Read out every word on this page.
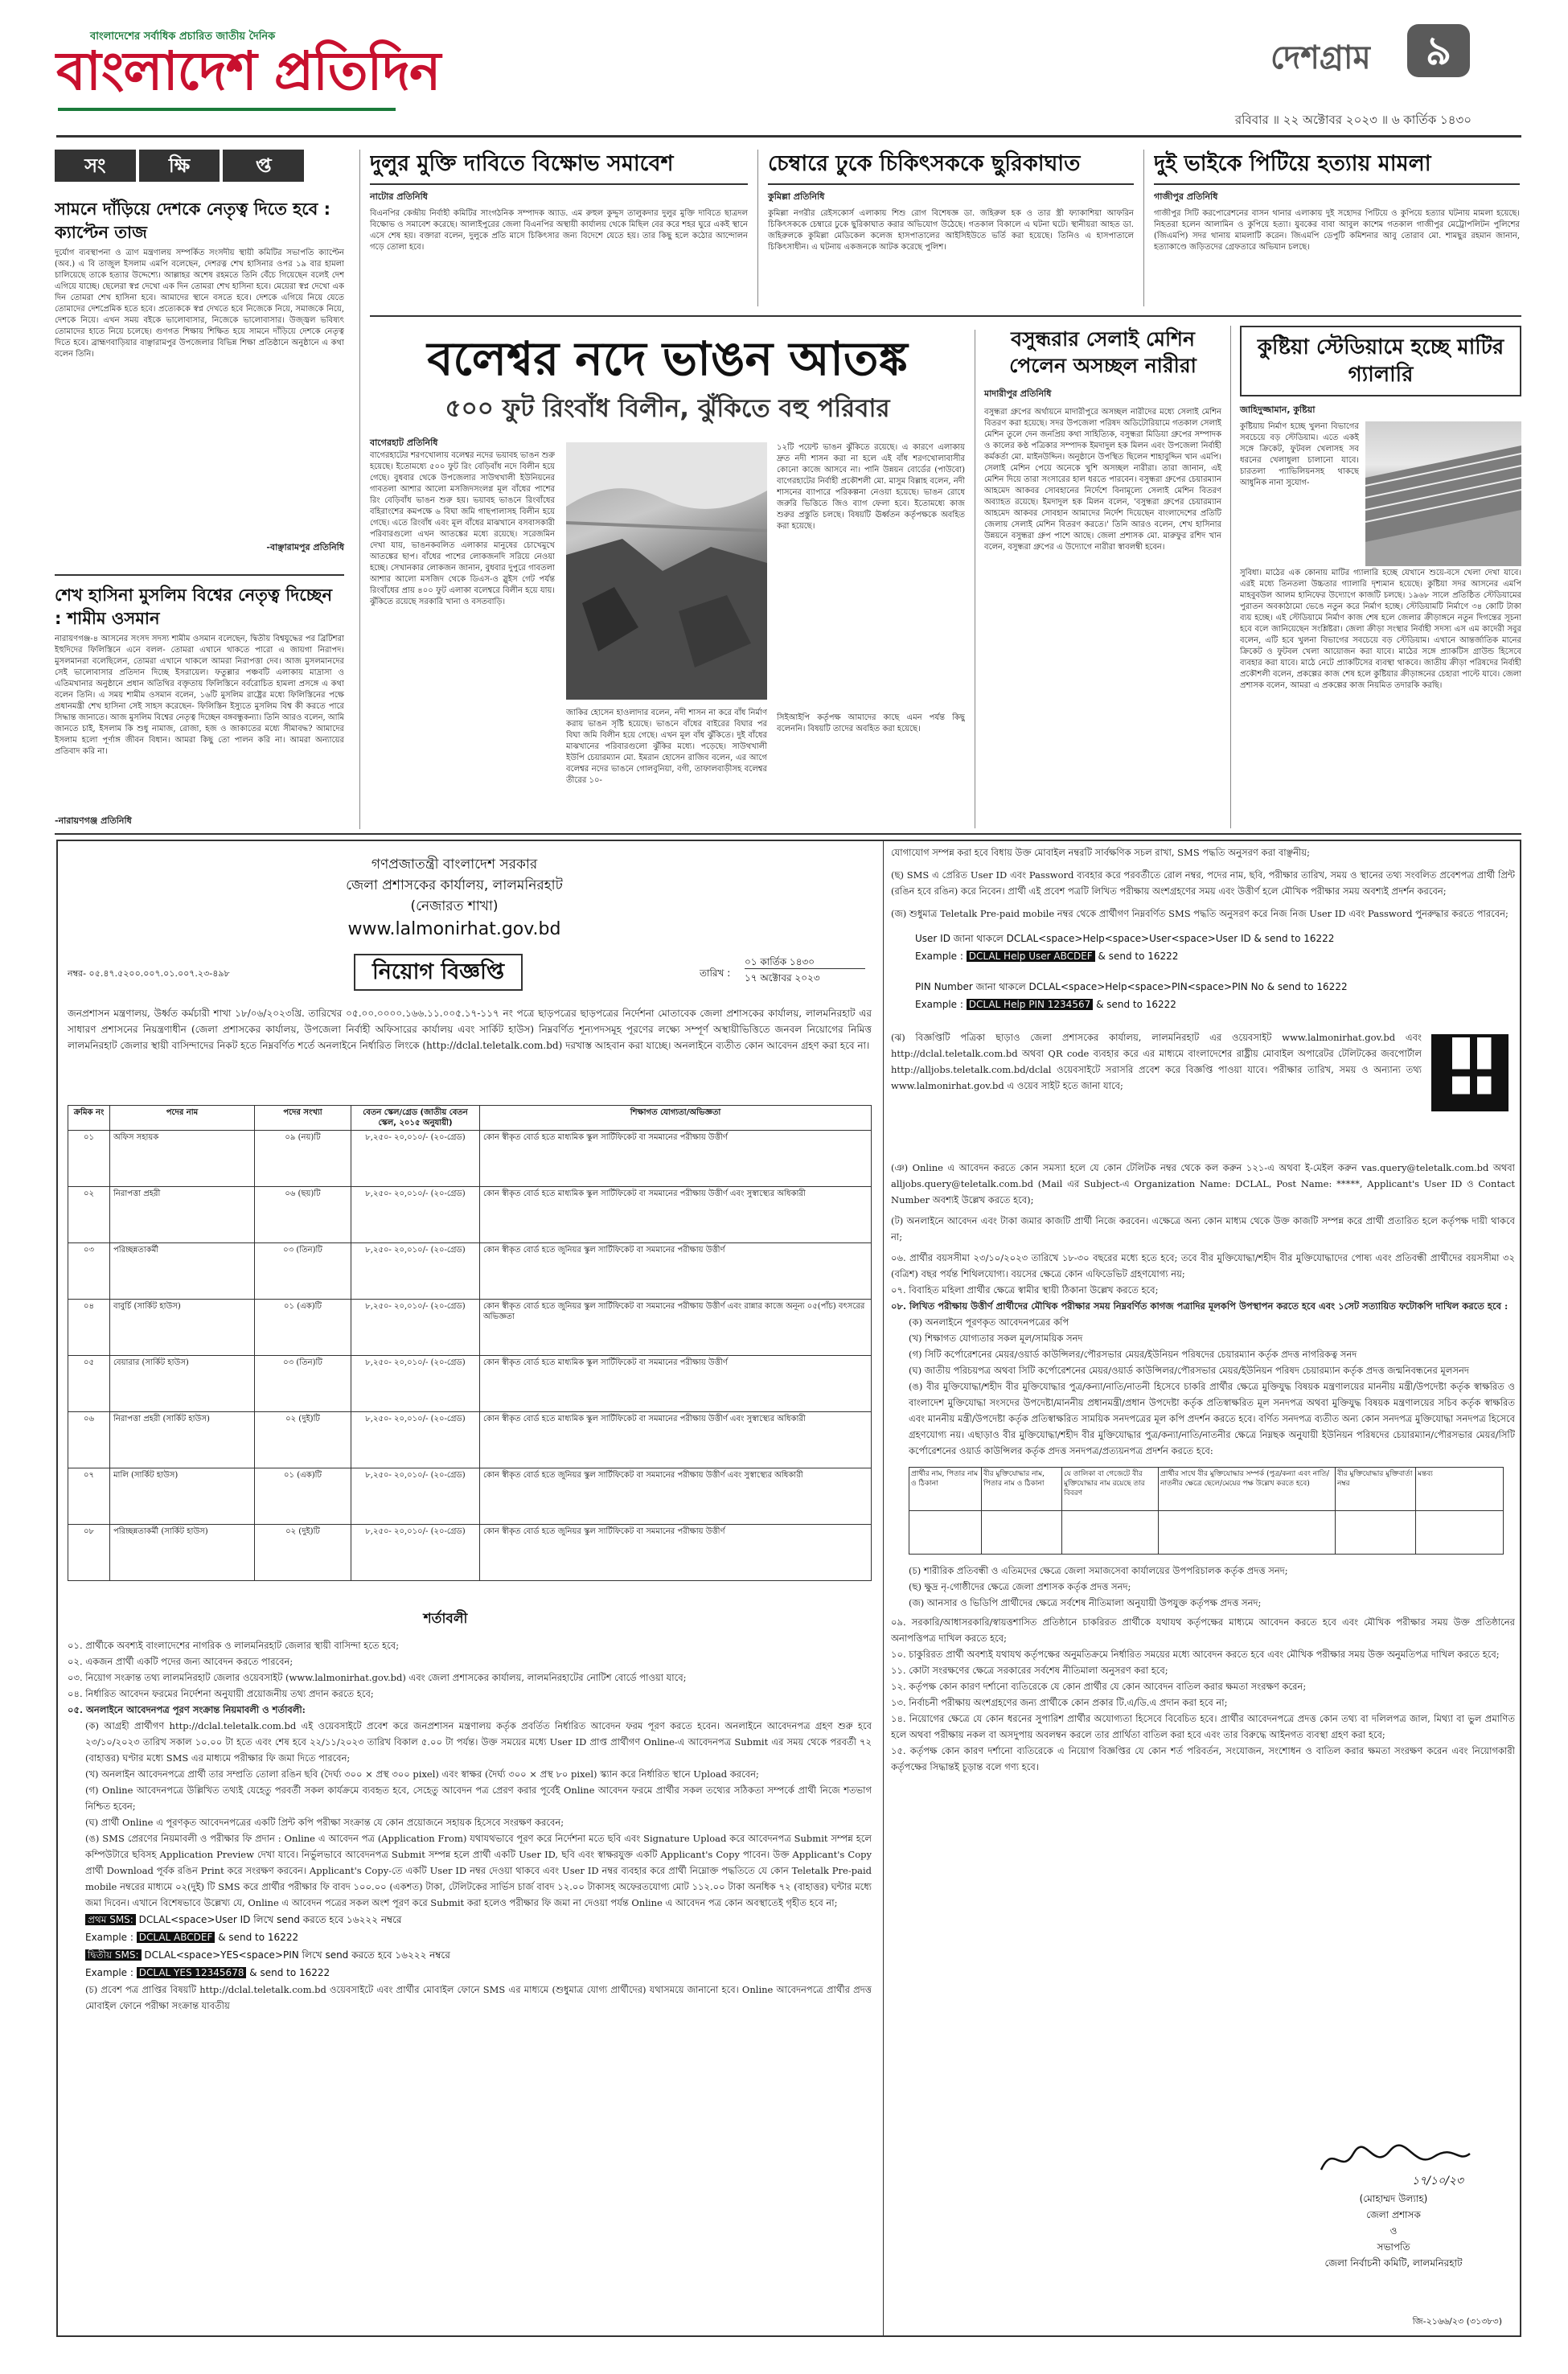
বাংলাদেশের সর্বাধিক প্রচারিত জাতীয় দৈনিক
বাংলাদেশ প্রতিদিন	দেশগ্রাম	৯
রবিবার ॥ ২২ অক্টোবর ২০২৩ ॥ ৬ কার্তিক ১৪৩০
সং	ক্ষি	প্ত
সামনে দাঁড়িয়ে দেশকে নেতৃত্ব দিতে হবে : ক্যাপ্টেন তাজ
দুর্যোগ ব্যবস্থাপনা ও ত্রাণ মন্ত্রণালয় সম্পর্কিত সংসদীয় স্থায়ী কমিটির সভাপতি ক্যাপ্টেন (অব.) এ বি তাজুল ইসলাম এমপি বলেছেন, দেশরত্ন শেখ হাসিনার ওপর ১৯ বার হামলা চালিয়েছে তাকে হত্যার উদ্দেশ্যে। আল্লাহর অশেষ রহমতে তিনি বেঁচে গিয়েছেন বলেই দেশ এগিয়ে যাচ্ছে। ছেলেরা স্বপ্ন দেখো এক দিন তোমরা শেখ হাসিনা হবে। মেয়েরা স্বপ্ন দেখো এক দিন তোমরা শেখ হাসিনা হবে। আমাদের স্থানে বসতে হবে। দেশকে এগিয়ে নিয়ে যেতে তোমাদের দেশপ্রেমিক হতে হবে। প্রত্যেককে স্বপ্ন দেখতে হবে নিজেকে নিয়ে, সমাজকে নিয়ে, দেশকে নিয়ে। এখন সময় বইকে ভালোবাসার, নিজেকে ভালোবাসার। উজ্জ্বল ভবিষ্যৎ তোমাদের হাতে নিয়ে চলেছে। গুণগত শিক্ষায় শিক্ষিত হয়ে সামনে দাঁড়িয়ে দেশকে নেতৃত্ব দিতে হবে। ব্রাহ্মণবাড়িয়ার বাঞ্ছারামপুর উপজেলার বিভিন্ন শিক্ষা প্রতিষ্ঠানে অনুষ্ঠানে এ কথা বলেন তিনি।
-বাঞ্ছারামপুর প্রতিনিধি
শেখ হাসিনা মুসলিম বিশ্বের নেতৃত্ব দিচ্ছেন : শামীম ওসমান
নারায়ণগঞ্জ-৪ আসনের সংসদ সদস্য শামীম ওসমান বলেছেন, দ্বিতীয় বিশ্বযুদ্ধের পর ব্রিটিশরা ইহুদিদের ফিলিস্তিনে এনে বলল- তোমরা এখানে থাকতে পারো এ জায়গা নিরাপদ। মুসলমানরা বলেছিলেন, তোমরা এখানে থাকলে আমরা নিরাপত্তা দেব। আজ মুসলমানদের সেই ভালোবাসার প্রতিদান দিচ্ছে ইসরায়েল। ফতুল্লার পঞ্চবটি এলাকায় মাদ্রাসা ও এতিমখানার অনুষ্ঠানে প্রধান অতিথির বক্তৃতায় ফিলিস্তিনে বর্বরোচিত হামলা প্রসঙ্গে এ কথা বলেন তিনি। এ সময় শামীম ওসমান বলেন, ১৬টি মুসলিম রাষ্ট্রের মধ্যে ফিলিস্তিনের পক্ষে প্রধানমন্ত্রী শেখ হাসিনা সেই সাহস করেছেন- ফিলিস্তিন ইস্যুতে মুসলিম বিশ্ব কী করতে পারে সিদ্ধান্ত জানাতে। আজ মুসলিম বিশ্বের নেতৃত্ব দিচ্ছেন বঙ্গবন্ধুকন্যা। তিনি আরও বলেন, আমি জানতে চাই, ইসলাম কি শুধু নামাজ, রোজা, হজ ও জাকাতের মধ্যে সীমাবদ্ধ? আমাদের ইসলাম হলো পূর্ণাঙ্গ জীবন বিধান। আমরা কিছু তো পালন করি না। আমরা অন্যায়ের প্রতিবাদ করি না।
-নারায়ণগঞ্জ প্রতিনিধি
দুলুর মুক্তি দাবিতে বিক্ষোভ সমাবেশ
নাটোর প্রতিনিধি
বিএনপির কেন্দ্রীয় নির্বাহী কমিটির সাংগঠনিক সম্পাদক অ্যাড. এম রুহুল কুদ্দুস তালুকদার দুলুর মুক্তি দাবিতে ছাত্রদল বিক্ষোভ ও সমাবেশ করেছে। আলাইপুরের জেলা বিএনপির অস্থায়ী কার্যালয় থেকে মিছিল বের করে শহর ঘুরে একই স্থানে এসে শেষ হয়। বক্তারা বলেন, দুলুকে প্রতি মাসে চিকিৎসার জন্য বিদেশে যেতে হয়। তার কিছু হলে কঠোর আন্দোলন গড়ে তোলা হবে।
চেম্বারে ঢুকে চিকিৎসককে ছুরিকাঘাত
কুমিল্লা প্রতিনিধি
কুমিল্লা নগরীর রেইসকোর্স এলাকায় শিশু রোগ বিশেষজ্ঞ ডা. জহিরুল হক ও তার স্ত্রী ফ্যাকাশিয়া আফরিন চিকিৎসককে চেম্বারে ঢুকে ছুরিকাঘাত করার অভিযোগ উঠেছে। গতকাল বিকালে এ ঘটনা ঘটে। স্থানীয়রা আহত ডা. জহিরুলকে কুমিল্লা মেডিকেল কলেজ হাসপাতালের আইসিইউতে ভর্তি করা হয়েছে। তিনিও এ হাসপাতালে চিকিৎসাধীন। এ ঘটনায় একজনকে আটক করেছে পুলিশ।
দুই ভাইকে পিটিয়ে হত্যায় মামলা
গাজীপুর প্রতিনিধি
গাজীপুর সিটি করপোরেশনের বাসন থানার এলাকায় দুই সহোদর পিটিয়ে ও কুপিয়ে হত্যার ঘটনায় মামলা হয়েছে। নিহতরা হলেন আলামিন ও কুপিয়ে হত্যা। যুবকের বাবা আবুল কাশেম গতকাল গাজীপুর মেট্রোপলিটন পুলিশের (জিএমপি) সদর থানায় মামলাটি করেন। জিএমপি ডেপুটি কমিশনার আবু তোরাব মো. শামছুর রহমান জানান, হত্যাকাণ্ডে জড়িতদের গ্রেফতারে অভিযান চলছে।
বলেশ্বর নদে ভাঙন আতঙ্ক
৫০০ ফুট রিংবাঁধ বিলীন, ঝুঁকিতে বহু পরিবার
বাগেরহাট প্রতিনিধি
বাগেরহাটের শরণখোলায় বলেশ্বর নদের ভয়াবহ ভাঙন শুরু হয়েছে। ইতোমধ্যে ৫০০ ফুট রিং বেড়িবাঁধ নদে বিলীন হয়ে গেছে। বুধবার থেকে উপজেলার সাউথখালী ইউনিয়নের গাবতলা আশার আলো মসজিদসংলগ্ন মূল বাঁধের পাশের রিং বেড়িবাঁধ ভাঙন শুরু হয়। ভয়াবহ ভাঙনে রিংবাঁধের বহিরাংশের কমপক্ষে ৬ বিঘা জমি গাছপালাসহ বিলীন হয়ে গেছে। এতে রিংবাঁধ এবং মূল বাঁধের মাঝখানে বসবাসকারী পরিবারগুলো এখন আতঙ্কের মধ্যে রয়েছে। সরেজমিন দেখা যায়, ভাঙনকবলিত এলাকার মানুষের চোখেমুখে আতঙ্কের ছাপ। বাঁধের পাশের লোকজনদি সরিয়ে নেওয়া হচ্ছে। সেখানকার লোকজন জানান, বুধবার দুপুরে গাবতলা আশার আলো মসজিদ থেকে ডিএস-ও স্লুইস গেট পর্যন্ত রিংবাঁধের প্রায় ৪০০ ফুট এলাকা বলেশ্বরে বিলীন হয়ে যায়। ঝুঁকিতে রয়েছে সরকারি খানা ও বসতবাড়ি।
জাকির হোসেন হাওলাদার বলেন, নদী শাসন না করে বাঁধ নির্মাণ করায় ভাঙন সৃষ্টি হয়েছে। ভাঙনে বাঁধের বাইরের বিঘার পর বিঘা জমি বিলীন হয়ে গেছে। এখন মূল বাঁধ ঝুঁকিতে। দুই বাঁধের মাঝখানের পরিবারগুলো ঝুঁকির মধ্যে। পড়েছে। সাউথখালী ইউপি চেয়ারম্যান মো. ইমরান হোসেন রাজিব বলেন, এর আগে বলেশ্বর নদের ভাঙনে গোলবুনিয়া, বগী, তাফালবাড়ীসহ বলেশ্বর তীরের ১০-
১২টি পয়েন্ট ভাঙন ঝুঁকিতে রয়েছে। এ কারণে এলাকায় দ্রুত নদী শাসন করা না হলে এই বাঁধ শরণখোলাবাসীর কোনো কাজে আসবে না। পানি উন্নয়ন বোর্ডের (পাউবো) বাগেরহাটের নির্বাহী প্রকৌশলী মো. মাসুম বিল্লাহ বলেন, নদী শাসনের ব্যাপারে পরিকল্পনা নেওয়া হয়েছে। ভাঙন রোধে জরুরি ভিত্তিতে জিও ব্যাগ ফেলা হবে। ইতোমধ্যে কাজ শুরুর প্রস্তুতি চলছে। বিষয়টি ঊর্ধ্বতন কর্তৃপক্ষকে অবহিত করা হয়েছে।
সিইআইপি কর্তৃপক্ষ আমাদের কাছে এমন পর্যন্ত কিছু বলেননি। বিষয়টি তাদের অবহিত করা হয়েছে।
বসুন্ধরার সেলাই মেশিন পেলেন অসচ্ছল নারীরা
মাদারীপুর প্রতিনিধি
বসুন্ধরা গ্রুপের অর্থায়নে মাদারীপুরে অসচ্ছল নারীদের মধ্যে সেলাই মেশিন বিতরণ করা হয়েছে। সদর উপজেলা পরিষদ অডিটোরিয়ামে গতকাল সেলাই মেশিন তুলে দেন জনপ্রিয় কথা সাহিত্যিক, বসুন্ধরা মিডিয়া গ্রুপের সম্পাদক ও কালের কণ্ঠ পত্রিকার সম্পাদক ইমদাদুল হক মিলন এবং উপজেলা নির্বাহী কর্মকর্তা মো. মাইনউদ্দিন। অনুষ্ঠানে উপস্থিত ছিলেন শাহাবুদ্দিন খান এমপি। সেলাই মেশিন পেয়ে অনেকে খুশি অসচ্ছল নারীরা। তারা জানান, এই মেশিন দিয়ে তারা সংসারের হাল ধরতে পারবেন। বসুন্ধরা গ্রুপের চেয়ারম্যান আহমেদ আকবর সোবহানের নির্দেশে বিনামূল্যে সেলাই মেশিন বিতরণ অব্যাহত রয়েছে। ইমদাদুল হক মিলন বলেন, 'বসুন্ধরা গ্রুপের চেয়ারম্যান আহমেদ আকবর সোবহান আমাদের নির্দেশ দিয়েছেন বাংলাদেশের প্রতিটি জেলায় সেলাই মেশিন বিতরণ করতে।' তিনি আরও বলেন, শেখ হাসিনার উন্নয়নে বসুন্ধরা গ্রুপ পাশে আছে। জেলা প্রশাসক মো. মারুফুর রশিদ খান বলেন, বসুন্ধরা গ্রুপের এ উদ্যোগে নারীরা স্বাবলম্বী হবেন।
কুষ্টিয়া স্টেডিয়ামে হচ্ছে মাটির গ্যালারি
জাহিদুজ্জামান, কুষ্টিয়া
কুষ্টিয়ায় নির্মাণ হচ্ছে খুলনা বিভাগের সবচেয়ে বড় স্টেডিয়াম। এতে একই সঙ্গে ক্রিকেট, ফুটবল খেলাসহ সব ধরনের খেলাধুলা চালানো যাবে। চারতলা প্যাভিলিয়নসহ থাকছে আধুনিক নানা সুযোগ-
সুবিধা। মাঠের এক কোনায় মাটির গ্যালারি হচ্ছে যেখানে শুয়ে-বসে খেলা দেখা যাবে। এরই মধ্যে তিনতলা উচ্চতার গ্যালারি দৃশ্যমান হয়েছে। কুষ্টিয়া সদর আসনের এমপি মাহবুবউল আলম হানিফের উদ্যোগে কাজটি চলছে। ১৯৬৮ সালে প্রতিষ্ঠিত স্টেডিয়ামের পুরাতন অবকাঠামো ভেঙে নতুন করে নির্মাণ হচ্ছে। স্টেডিয়ামটি নির্মাণে ৩৪ কোটি টাকা ব্যয় হচ্ছে। এই স্টেডিয়ামে নির্মাণ কাজ শেষ হলে জেলার ক্রীড়াঙ্গনে নতুন দিগন্তের সূচনা হবে বলে জানিয়েছেন সংশ্লিষ্টরা। জেলা ক্রীড়া সংস্থার নির্বাহী সদস্য এস এম কাদেরী সবুর বলেন, এটি হবে খুলনা বিভাগের সবচেয়ে বড় স্টেডিয়াম। এখানে আন্তর্জাতিক মানের ক্রিকেট ও ফুটবল খেলা আয়োজন করা যাবে। মাঠের সঙ্গে প্র্যাকটিস গ্রাউন্ড হিসেবে ব্যবহার করা যাবে। মাঠে নেটে প্র্যাকটিসের ব্যবস্থা থাকবে। জাতীয় ক্রীড়া পরিষদের নির্বাহী প্রকৌশলী বলেন, প্রকল্পের কাজ শেষ হলে কুষ্টিয়ার ক্রীড়াঙ্গনের চেহারা পাল্টে যাবে। জেলা প্রশাসক বলেন, আমরা এ প্রকল্পের কাজ নিয়মিত তদারকি করছি।
গণপ্রজাতন্ত্রী বাংলাদেশ সরকার
জেলা প্রশাসকের কার্যালয়, লালমনিরহাট
(নেজারত শাখা)
www.lalmonirhat.gov.bd
নম্বর- ০৫.৪৭.৫২০০.০০৭.০১.০০৭.২৩-৪৯৮	তারিখ :
০১ কার্তিক ১৪৩০
১৭ অক্টোবর ২০২৩
নিয়োগ বিজ্ঞপ্তি
জনপ্রশাসন মন্ত্রণালয়, উর্ধ্বত কর্মচারী শাখা ১৮/০৬/২০২৩খ্রি. তারিখের ০৫.০০.০০০০.১৬৬.১১.০০৫.১৭-১১৭ নং পত্রে ছাড়পত্রের ছাড়পত্রের নির্দেশনা মোতাবেক জেলা প্রশাসকের কার্যালয়, লালমনিরহাট এর সাধারণ প্রশাসনের নিয়ন্ত্রণাধীন (জেলা প্রশাসকের কার্যালয়, উপজেলা নির্বাহী অফিসারের কার্যালয় এবং সার্কিট হাউস) নিম্নবর্ণিত শূন্যপদসমূহ পূরণের লক্ষ্যে সম্পূর্ণ অস্থায়ীভিত্তিতে জনবল নিয়োগের নিমিত্ত লালমনিরহাট জেলার স্থায়ী বাসিন্দাদের নিকট হতে নিম্নবর্ণিত শর্তে অনলাইনে নির্ধারিত লিংকে (http://dclal.teletalk.com.bd) দরখাস্ত আহবান করা যাচ্ছে। অনলাইনে ব্যতীত কোন আবেদন গ্রহণ করা হবে না।
ক্রমিক নং	পদের নাম	পদের সংখ্যা	বেতন স্কেল/গ্রেড (জাতীয় বেতন স্কেল, ২০১৫ অনুযায়ী)	শিক্ষাগত যোগ্যতা/অভিজ্ঞতা
০১	অফিস সহায়ক	০৯ (নয়)টি	৮,২৫০- ২০,০১০/- (২০-গ্রেড)	কোন স্বীকৃত বোর্ড হতে মাধ্যমিক স্কুল সার্টিফিকেট বা সমমানের পরীক্ষায় উত্তীর্ণ
০২	নিরাপত্তা প্রহরী	০৬ (ছয়)টি	৮,২৫০- ২০,০১০/- (২০-গ্রেড)	কোন স্বীকৃত বোর্ড হতে মাধ্যমিক স্কুল সার্টিফিকেট বা সমমানের পরীক্ষায় উত্তীর্ণ এবং সুস্বাস্থ্যের অধিকারী
০৩	পরিচ্ছন্নতাকর্মী	০৩ (তিন)টি	৮,২৫০- ২০,০১০/- (২০-গ্রেড)	কোন স্বীকৃত বোর্ড হতে জুনিয়র স্কুল সার্টিফিকেট বা সমমানের পরীক্ষায় উত্তীর্ণ
০৪	বাবুর্চি (সার্কিট হাউস)	০১ (এক)টি	৮,২৫০- ২০,০১০/- (২০-গ্রেড)	কোন স্বীকৃত বোর্ড হতে জুনিয়র স্কুল সার্টিফিকেট বা সমমানের পরীক্ষায় উত্তীর্ণ এবং রান্নার কাজে অনূন্য ০৫(পাঁচ) বৎসরের অভিজ্ঞতা
০৫	বেয়ারার (সার্কিট হাউস)	০৩ (তিন)টি	৮,২৫০- ২০,০১০/- (২০-গ্রেড)	কোন স্বীকৃত বোর্ড হতে মাধ্যমিক স্কুল সার্টিফিকেট বা সমমানের পরীক্ষায় উত্তীর্ণ
০৬	নিরাপত্তা প্রহরী (সার্কিট হাউস)	০২ (দুই)টি	৮,২৫০- ২০,০১০/- (২০-গ্রেড)	কোন স্বীকৃত বোর্ড হতে মাধ্যমিক স্কুল সার্টিফিকেট বা সমমানের পরীক্ষায় উত্তীর্ণ এবং সুস্বাস্থ্যের অধিকারী
০৭	মালি (সার্কিট হাউস)	০১ (এক)টি	৮,২৫০- ২০,০১০/- (২০-গ্রেড)	কোন স্বীকৃত বোর্ড হতে জুনিয়র স্কুল সার্টিফিকেট বা সমমানের পরীক্ষায় উত্তীর্ণ এবং সুস্বাস্থ্যের অধিকারী
০৮	পরিচ্ছন্নতাকর্মী (সার্কিট হাউস)	০২ (দুই)টি	৮,২৫০- ২০,০১০/- (২০-গ্রেড)	কোন স্বীকৃত বোর্ড হতে জুনিয়র স্কুল সার্টিফিকেট বা সমমানের পরীক্ষায় উত্তীর্ণ
শর্তাবলী
০১. প্রার্থীকে অবশ্যই বাংলাদেশের নাগরিক ও লালমনিরহাট জেলার স্থায়ী বাসিন্দা হতে হবে;
০২. একজন প্রার্থী একটি পদের জন্য আবেদন করতে পারবেন;
০৩. নিয়োগ সংক্রান্ত তথ্য লালমনিরহাট জেলার ওয়েবসাইট (www.lalmonirhat.gov.bd) এবং জেলা প্রশাসকের কার্যালয়, লালমনিরহাটের নোটিশ বোর্ডে পাওয়া যাবে;
০৪. নির্ধারিত আবেদন ফরমের নির্দেশনা অনুযায়ী প্রয়োজনীয় তথ্য প্রদান করতে হবে;
০৫. অনলাইনে আবেদনপত্র পূরণ সংক্রান্ত নিয়মাবলী ও শর্তাবলী:
(ক) আগ্রহী প্রার্থীগণ http://dclal.teletalk.com.bd এই ওয়েবসাইটে প্রবেশ করে জনপ্রশাসন মন্ত্রণালয় কর্তৃক প্রবর্তিত নির্ধারিত আবেদন ফরম পূরণ করতে হবেন। অনলাইনে আবেদনপত্র গ্রহণ শুরু হবে ২৩/১০/২০২৩ তারিখ সকাল ১০.০০ টা হতে এবং শেষ হবে ২২/১১/২০২৩ তারিখ বিকাল ৫.০০ টা পর্যন্ত। উক্ত সময়ের মধ্যে User ID প্রাপ্ত প্রার্থীগণ Online-এ আবেদনপত্র Submit এর সময় থেকে পরবর্তী ৭২ (বাহাত্তর) ঘণ্টার মধ্যে SMS এর মাধ্যমে পরীক্ষার ফি জমা দিতে পারবেন;
(খ) অনলাইন আবেদনপত্রে প্রার্থী তার সম্প্রতি তোলা রঙিন ছবি (দৈর্ঘ্য ৩০০ × প্রস্থ ৩০০ pixel) এবং স্বাক্ষর (দৈর্ঘ্য ৩০০ × প্রস্থ ৮০ pixel) স্ক্যান করে নির্ধারিত স্থানে Upload করবেন;
(গ) Online আবেদনপত্রে উল্লিখিত তথ্যই যেহেতু পরবর্তী সকল কার্যক্রমে ব্যবহৃত হবে, সেহেতু আবেদন পত্র প্রেরণ করার পূর্বেই Online আবেদন ফরমে প্রার্থীর সকল তথ্যের সঠিকতা সম্পর্কে প্রার্থী নিজে শতভাগ নিশ্চিত হবেন;
(ঘ) প্রার্থী Online এ পূরণকৃত আবেদনপত্রের একটি প্রিন্ট কপি পরীক্ষা সংক্রান্ত যে কোন প্রয়োজনে সহায়ক হিসেবে সংরক্ষণ করবেন;
(ঙ) SMS প্রেরণের নিয়মাবলী ও পরীক্ষার ফি প্রদান : Online এ আবেদন পত্র (Application From) যথাযথভাবে পূরণ করে নির্দেশনা মতে ছবি এবং Signature Upload করে আবেদনপত্র Submit সম্পন্ন হলে কম্পিউটারে ছবিসহ Application Preview দেখা যাবে। নির্ভুলভাবে আবেদনপত্র Submit সম্পন্ন হলে প্রার্থী একটি User ID, ছবি এবং স্বাক্ষরযুক্ত একটি Applicant's Copy পাবেন। উক্ত Applicant's Copy প্রার্থী Download পূর্বক রঙিন Print করে সংরক্ষণ করবেন। Applicant's Copy-তে একটি User ID নম্বর দেওয়া থাকবে এবং User ID নম্বর ব্যবহার করে প্রার্থী নিম্নোক্ত পদ্ধতিতে যে কোন Teletalk Pre-paid mobile নম্বরের মাধ্যমে ০২(দুই) টি SMS করে প্রার্থীর পরীক্ষার ফি বাবদ ১০০.০০ (একশত) টাকা, টেলিটকের সার্ভিস চার্জ বাবদ ১২.০০ টাকাসহ অফেরতযোগ্য মোট ১১২.০০ টাকা অনধিক ৭২ (বাহাত্তর) ঘন্টার মধ্যে জমা দিবেন। এখানে বিশেষভাবে উল্লেখ্য যে, Online এ আবেদন পত্রের সকল অংশ পূরণ করে Submit করা হলেও পরীক্ষার ফি জমা না দেওয়া পর্যন্ত Online এ আবেদন পত্র কোন অবস্থাতেই গৃহীত হবে না;
প্রথম SMS: DCLAL<space>User ID লিখে send করতে হবে ১৬২২২ নম্বরে
Example : DCLAL ABCDEF & send to 16222
দ্বিতীয় SMS: DCLAL<space>YES<space>PIN লিখে send করতে হবে ১৬২২২ নম্বরে
Example : DCLAL YES 12345678 & send to 16222
(চ) প্রবেশ পত্র প্রাপ্তির বিষয়টি http://dclal.teletalk.com.bd ওয়েবসাইটে এবং প্রার্থীর মোবাইল ফোনে SMS এর মাধ্যমে (শুধুমাত্র যোগ্য প্রার্থীদের) যথাসময়ে জানানো হবে। Online আবেদনপত্রে প্রার্থীর প্রদত্ত মোবাইল ফোনে পরীক্ষা সংক্রান্ত যাবতীয়
যোগাযোগ সম্পন্ন করা হবে বিধায় উক্ত মোবাইল নম্বরটি সার্বক্ষণিক সচল রাখা, SMS পদ্ধতি অনুসরণ করা বাঞ্ছনীয়;
(ছ) SMS এ প্রেরিত User ID এবং Password ব্যবহার করে পরবর্তীতে রোল নম্বর, পদের নাম, ছবি, পরীক্ষার তারিখ, সময় ও স্থানের তথ্য সংবলিত প্রবেশপত্র প্রার্থী প্রিন্ট (রঙিন হবে রঙিন) করে নিবেন। প্রার্থী এই প্রবেশ পত্রটি লিখিত পরীক্ষায় অংশগ্রহণের সময় এবং উত্তীর্ণ হলে মৌখিক পরীক্ষার সময় অবশ্যই প্রদর্শন করবেন;
(জ) শুধুমাত্র Teletalk Pre-paid mobile নম্বর থেকে প্রার্থীগণ নিম্নবর্ণিত SMS পদ্ধতি অনুসরণ করে নিজ নিজ User ID এবং Password পুনরুদ্ধার করতে পারবেন;
User ID জানা থাকলে DCLAL<space>Help<space>User<space>User ID & send to 16222
Example : DCLAL Help User ABCDEF & send to 16222
PIN Number জানা থাকলে DCLAL<space>Help<space>PIN<space>PIN No & send to 16222
Example : DCLAL Help PIN 1234567 & send to 16222
(ঝ) বিজ্ঞপ্তিটি পত্রিকা ছাড়াও জেলা প্রশাসকের কার্যালয়, লালমনিরহাট এর ওয়েবসাইট www.lalmonirhat.gov.bd এবং http://dclal.teletalk.com.bd অথবা QR code ব্যবহার করে এর মাধ্যমে বাংলাদেশের রাষ্ট্রীয় মোবাইল অপারেটর টেলিটকের জবপোর্টাল http://alljobs.teletalk.com.bd/dclal ওয়েবসাইটে সরাসরি প্রবেশ করে বিজ্ঞপ্তি পাওয়া যাবে। পরীক্ষার তারিখ, সময় ও অন্যান্য তথ্য www.lalmonirhat.gov.bd এ ওয়েব সাইট হতে জানা যাবে;
(ঞ) Online এ আবেদন করতে কোন সমস্যা হলে যে কোন টেলিটক নম্বর থেকে কল করুন ১২১-এ অথবা ই-মেইল করুন vas.query@teletalk.com.bd অথবা alljobs.query@teletalk.com.bd (Mail এর Subject-এ Organization Name: DCLAL, Post Name: *****, Applicant's User ID ও Contact Number অবশ্যই উল্লেখ করতে হবে);
(ট) অনলাইনে আবেদন এবং টাকা জমার কাজটি প্রার্থী নিজে করবেন। এক্ষেত্রে অন্য কোন মাধ্যম থেকে উক্ত কাজটি সম্পন্ন করে প্রার্থী প্রতারিত হলে কর্তৃপক্ষ দায়ী থাকবে না;
০৬. প্রার্থীর বয়সসীমা ২৩/১০/২০২৩ তারিখে ১৮-৩০ বছরের মধ্যে হতে হবে; তবে বীর মুক্তিযোদ্ধা/শহীদ বীর মুক্তিযোদ্ধাদের পোষ্য এবং প্রতিবন্ধী প্রার্থীদের বয়সসীমা ৩২ (বত্রিশ) বছর পর্যন্ত শিথিলযোগ্য। বয়সের ক্ষেত্রে কোন এফিডেভিট গ্রহণযোগ্য নয়;
০৭. বিবাহিত মহিলা প্রার্থীর ক্ষেত্রে স্বামীর স্থায়ী ঠিকানা উল্লেখ করতে হবে;
০৮. লিখিত পরীক্ষায় উত্তীর্ণ প্রার্থীদের মৌখিক পরীক্ষার সময় নিম্নবর্ণিত কাগজ পত্রাদির মূলকপি উপস্থাপন করতে হবে এবং ১সেট সত্যায়িত ফটোকপি দাখিল করতে হবে :
(ক) অনলাইনে পূরণকৃত আবেদনপত্রের কপি
(খ) শিক্ষাগত যোগ্যতার সকল মূল/সাময়িক সনদ
(গ) সিটি কর্পোরেশনের মেয়র/ওয়ার্ড কাউন্সিলর/পৌরসভার মেয়র/ইউনিয়ন পরিষদের চেয়ারম্যান কর্তৃক প্রদত্ত নাগরিকত্ব সনদ
(ঘ) জাতীয় পরিচয়পত্র অথবা সিটি কর্পোরেশনের মেয়র/ওয়ার্ড কাউন্সিলর/পৌরসভার মেয়র/ইউনিয়ন পরিষদ চেয়ারম্যান কর্তৃক প্রদত্ত জন্মনিবন্ধনের মূলসনদ
(ঙ) বীর মুক্তিযোদ্ধা/শহীদ বীর মুক্তিযোদ্ধার পুত্র/কন্যা/নাতি/নাতনী হিসেবে চাকরি প্রার্থীর ক্ষেত্রে মুক্তিযুদ্ধ বিষয়ক মন্ত্রণালয়ের মাননীয় মন্ত্রী/উপদেষ্টা কর্তৃক স্বাক্ষরিত ও বাংলাদেশ মুক্তিযোদ্ধা সংসদের উপদেষ্টা/মাননীয় প্রধানমন্ত্রী/প্রধান উপদেষ্টা কর্তৃক প্রতিস্বাক্ষরিত মূল সনদপত্র অথবা মুক্তিযুদ্ধ বিষয়ক মন্ত্রণালয়ের সচিব কর্তৃক স্বাক্ষরিত এবং মাননীয় মন্ত্রী/উপদেষ্টা কর্তৃক প্রতিস্বাক্ষরিত সাময়িক সনদপত্রের মূল কপি প্রদর্শন করতে হবে। বর্ণিত সনদপত্র ব্যতীত অন্য কোন সনদপত্র মুক্তিযোদ্ধা সনদপত্র হিসেবে গ্রহণযোগ্য নয়। এছাড়াও বীর মুক্তিযোদ্ধা/শহীদ বীর মুক্তিযোদ্ধার পুত্র/কন্যা/নাতি/নাতনীর ক্ষেত্রে নিম্নছক অনুযায়ী ইউনিয়ন পরিষদের চেয়ারম্যান/পৌরসভার মেয়র/সিটি কর্পোরেশনের ওয়ার্ড কাউন্সিলর কর্তৃক প্রদত্ত সনদপত্র/প্রত্যয়নপত্র প্রদর্শন করতে হবে:
প্রার্থীর নাম, পিতার নাম ও ঠিকানা	বীর মুক্তিযোদ্ধার নাম, পিতার নাম ও ঠিকানা	যে তালিকা বা গেজেটে বীর মুক্তিযোদ্ধার নাম রয়েছে তার বিবরণ	প্রার্থীর সাথে বীর মুক্তিযোদ্ধার সম্পর্ক (পুত্র/কন্যা এবং নাতি/নাতনীর ক্ষেত্রে ছেলে/মেয়ের পক্ষ উল্লেখ করতে হবে)	বীর মুক্তিযোদ্ধার মুক্তিবার্তা নম্বর	মন্তব্য

(চ) শারীরিক প্রতিবন্ধী ও এতিমদের ক্ষেত্রে জেলা সমাজসেবা কার্যালয়ের উপপরিচালক কর্তৃক প্রদত্ত সনদ;
(ছ) ক্ষুদ্র নৃ-গোষ্ঠীদের ক্ষেত্রে জেলা প্রশাসক কর্তৃক প্রদত্ত সনদ;
(জ) আনসার ও ভিডিপি প্রার্থীদের ক্ষেত্রে সর্বশেষ নীতিমালা অনুযায়ী উপযুক্ত কর্তৃপক্ষ প্রদত্ত সনদ;
০৯. সরকারি/আধাসরকারি/স্বায়ত্তশাসিত প্রতিষ্ঠানে চাকরিরত প্রার্থীকে যথাযথ কর্তৃপক্ষের মাধ্যমে আবেদন করতে হবে এবং মৌখিক পরীক্ষার সময় উক্ত প্রতিষ্ঠানের অনাপত্তিপত্র দাখিল করতে হবে;
১০. চাকুরিরত প্রার্থী অবশ্যই যথাযথ কর্তৃপক্ষের অনুমতিক্রমে নির্ধারিত সময়ের মধ্যে আবেদন করতে হবে এবং মৌখিক পরীক্ষার সময় উক্ত অনুমতিপত্র দাখিল করতে হবে;
১১. কোটা সংরক্ষণের ক্ষেত্রে সরকারের সর্বশেষ নীতিমালা অনুসরণ করা হবে;
১২. কর্তৃপক্ষ কোন কারণ দর্শানো ব্যতিরেকে যে কোন প্রার্থীর যে কোন আবেদন বাতিল করার ক্ষমতা সংরক্ষণ করেন;
১৩. নির্বাচনী পরীক্ষায় অংশগ্রহণের জন্য প্রার্থীকে কোন প্রকার টি.এ/ডি.এ প্রদান করা হবে না;
১৪. নিয়োগের ক্ষেত্রে যে কোন ধরনের সুপারিশ প্রার্থীর অযোগ্যতা হিসেবে বিবেচিত হবে। প্রার্থীর আবেদনপত্রে প্রদত্ত কোন তথ্য বা দলিলপত্র জাল, মিথ্যা বা ভুল প্রমাণিত হলে অথবা পরীক্ষায় নকল বা অসদুপায় অবলম্বন করলে তার প্রার্থিতা বাতিল করা হবে এবং তার বিরুদ্ধে আইনগত ব্যবস্থা গ্রহণ করা হবে;
১৫. কর্তৃপক্ষ কোন কারণ দর্শানো ব্যতিরেকে এ নিয়োগ বিজ্ঞপ্তির যে কোন শর্ত পরিবর্তন, সংযোজন, সংশোধন ও বাতিল করার ক্ষমতা সংরক্ষণ করেন এবং নিয়োগকারী কর্তৃপক্ষের সিদ্ধান্তই চূড়ান্ত বলে গণ্য হবে।
১৭/১০/২৩
(মোহাম্মদ উল্যাহ)
জেলা প্রশাসক
ও
সভাপতি
জেলা নির্বাচনী কমিটি, লালমনিরহাট
জি-২১৬৬/২৩ (৩১৩৮৩)
